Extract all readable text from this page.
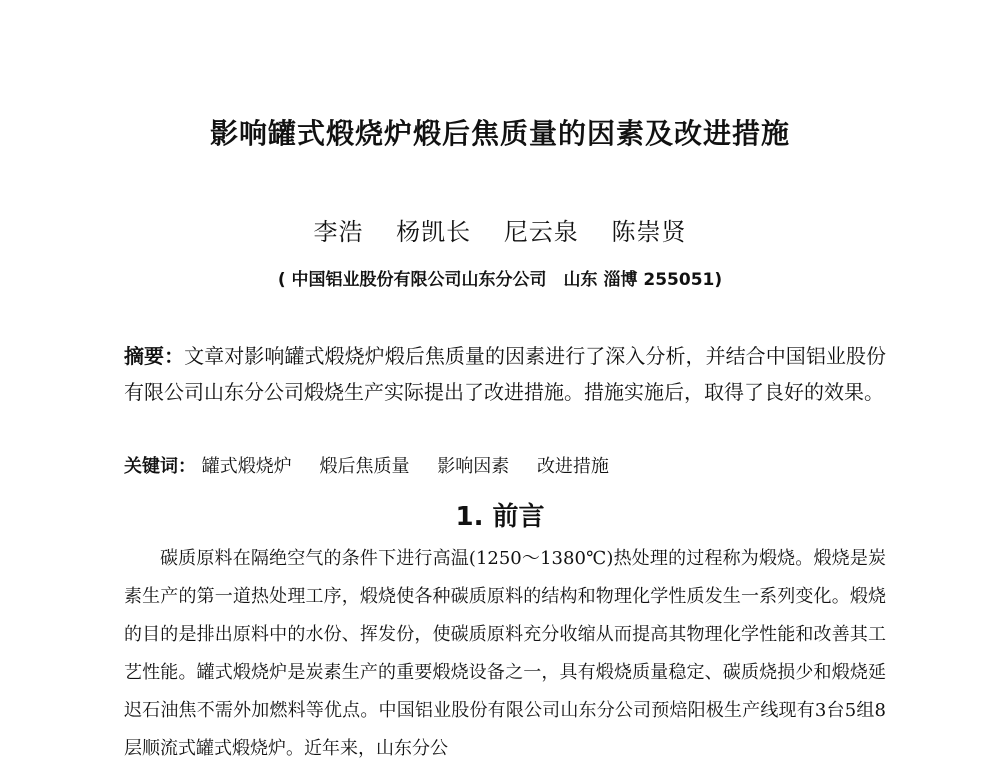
影响罐式煅烧炉煅后焦质量的因素及改进措施
李浩 杨凯长 尼云泉 陈崇贤
( 中国铝业股份有限公司山东分公司　山东 淄博 255051)
摘要：文章对影响罐式煅烧炉煅后焦质量的因素进行了深入分析，并结合中国铝业股份有限公司山东分公司煅烧生产实际提出了改进措施。措施实施后，取得了良好的效果。
关键词： 罐式煅烧炉 煅后焦质量 影响因素 改进措施
1. 前言

碳质原料在隔绝空气的条件下进行高温(1250～1380℃)热处理的过程称为煅烧。煅烧是炭素生产的第一道热处理工序，煅烧使各种碳质原料的结构和物理化学性质发生一系列变化。煅烧的目的是排出原料中的水份、挥发份，使碳质原料充分收缩从而提高其物理化学性能和改善其工艺性能。罐式煅烧炉是炭素生产的重要煅烧设备之一，具有煅烧质量稳定、碳质烧损少和煅烧延迟石油焦不需外加燃料等优点。中国铝业股份有限公司山东分公司预焙阳极生产线现有3台5组8层顺流式罐式煅烧炉。近年来，山东分公
